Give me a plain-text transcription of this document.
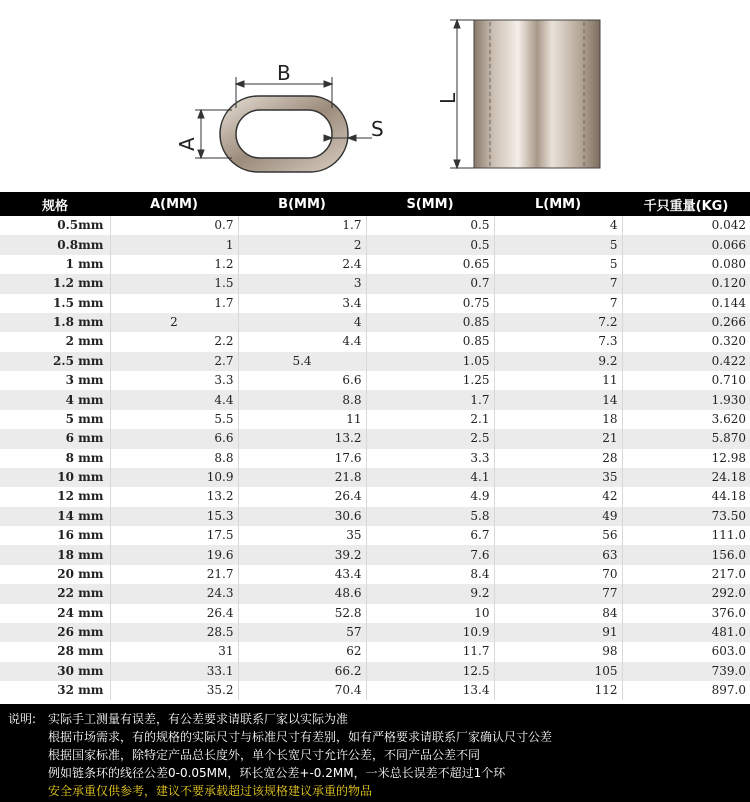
B
A
S
L
规格	A(MM)	B(MM)	S(MM)	L(MM)	千只重量(KG)
0.5mm	0.7	1.7	0.5	4	0.042
0.8mm	1	2	0.5	5	0.066
1 mm	1.2	2.4	0.65	5	0.080
1.2 mm	1.5	3	0.7	7	0.120
1.5 mm	1.7	3.4	0.75	7	0.144
1.8 mm	2	4	0.85	7.2	0.266
2 mm	2.2	4.4	0.85	7.3	0.320
2.5 mm	2.7	5.4	1.05	9.2	0.422
3 mm	3.3	6.6	1.25	11	0.710
4 mm	4.4	8.8	1.7	14	1.930
5 mm	5.5	11	2.1	18	3.620
6 mm	6.6	13.2	2.5	21	5.870
8 mm	8.8	17.6	3.3	28	12.98
10 mm	10.9	21.8	4.1	35	24.18
12 mm	13.2	26.4	4.9	42	44.18
14 mm	15.3	30.6	5.8	49	73.50
16 mm	17.5	35	6.7	56	111.0
18 mm	19.6	39.2	7.6	63	156.0
20 mm	21.7	43.4	8.4	70	217.0
22 mm	24.3	48.6	9.2	77	292.0
24 mm	26.4	52.8	10	84	376.0
26 mm	28.5	57	10.9	91	481.0
28 mm	31	62	11.7	98	603.0
30 mm	33.1	66.2	12.5	105	739.0
32 mm	35.2	70.4	13.4	112	897.0
说明: 实际手工测量有误差，有公差要求请联系厂家以实际为准
根据市场需求，有的规格的实际尺寸与标准尺寸有差别，如有严格要求请联系厂家确认尺寸公差
根据国家标准，除特定产品总长度外，单个长宽尺寸允许公差，不同产品公差不同
例如链条环的线径公差0-0.05MM，环长宽公差+-0.2MM，一米总长误差不超过1个环
安全承重仅供参考，建议不要承载超过该规格建议承重的物品
